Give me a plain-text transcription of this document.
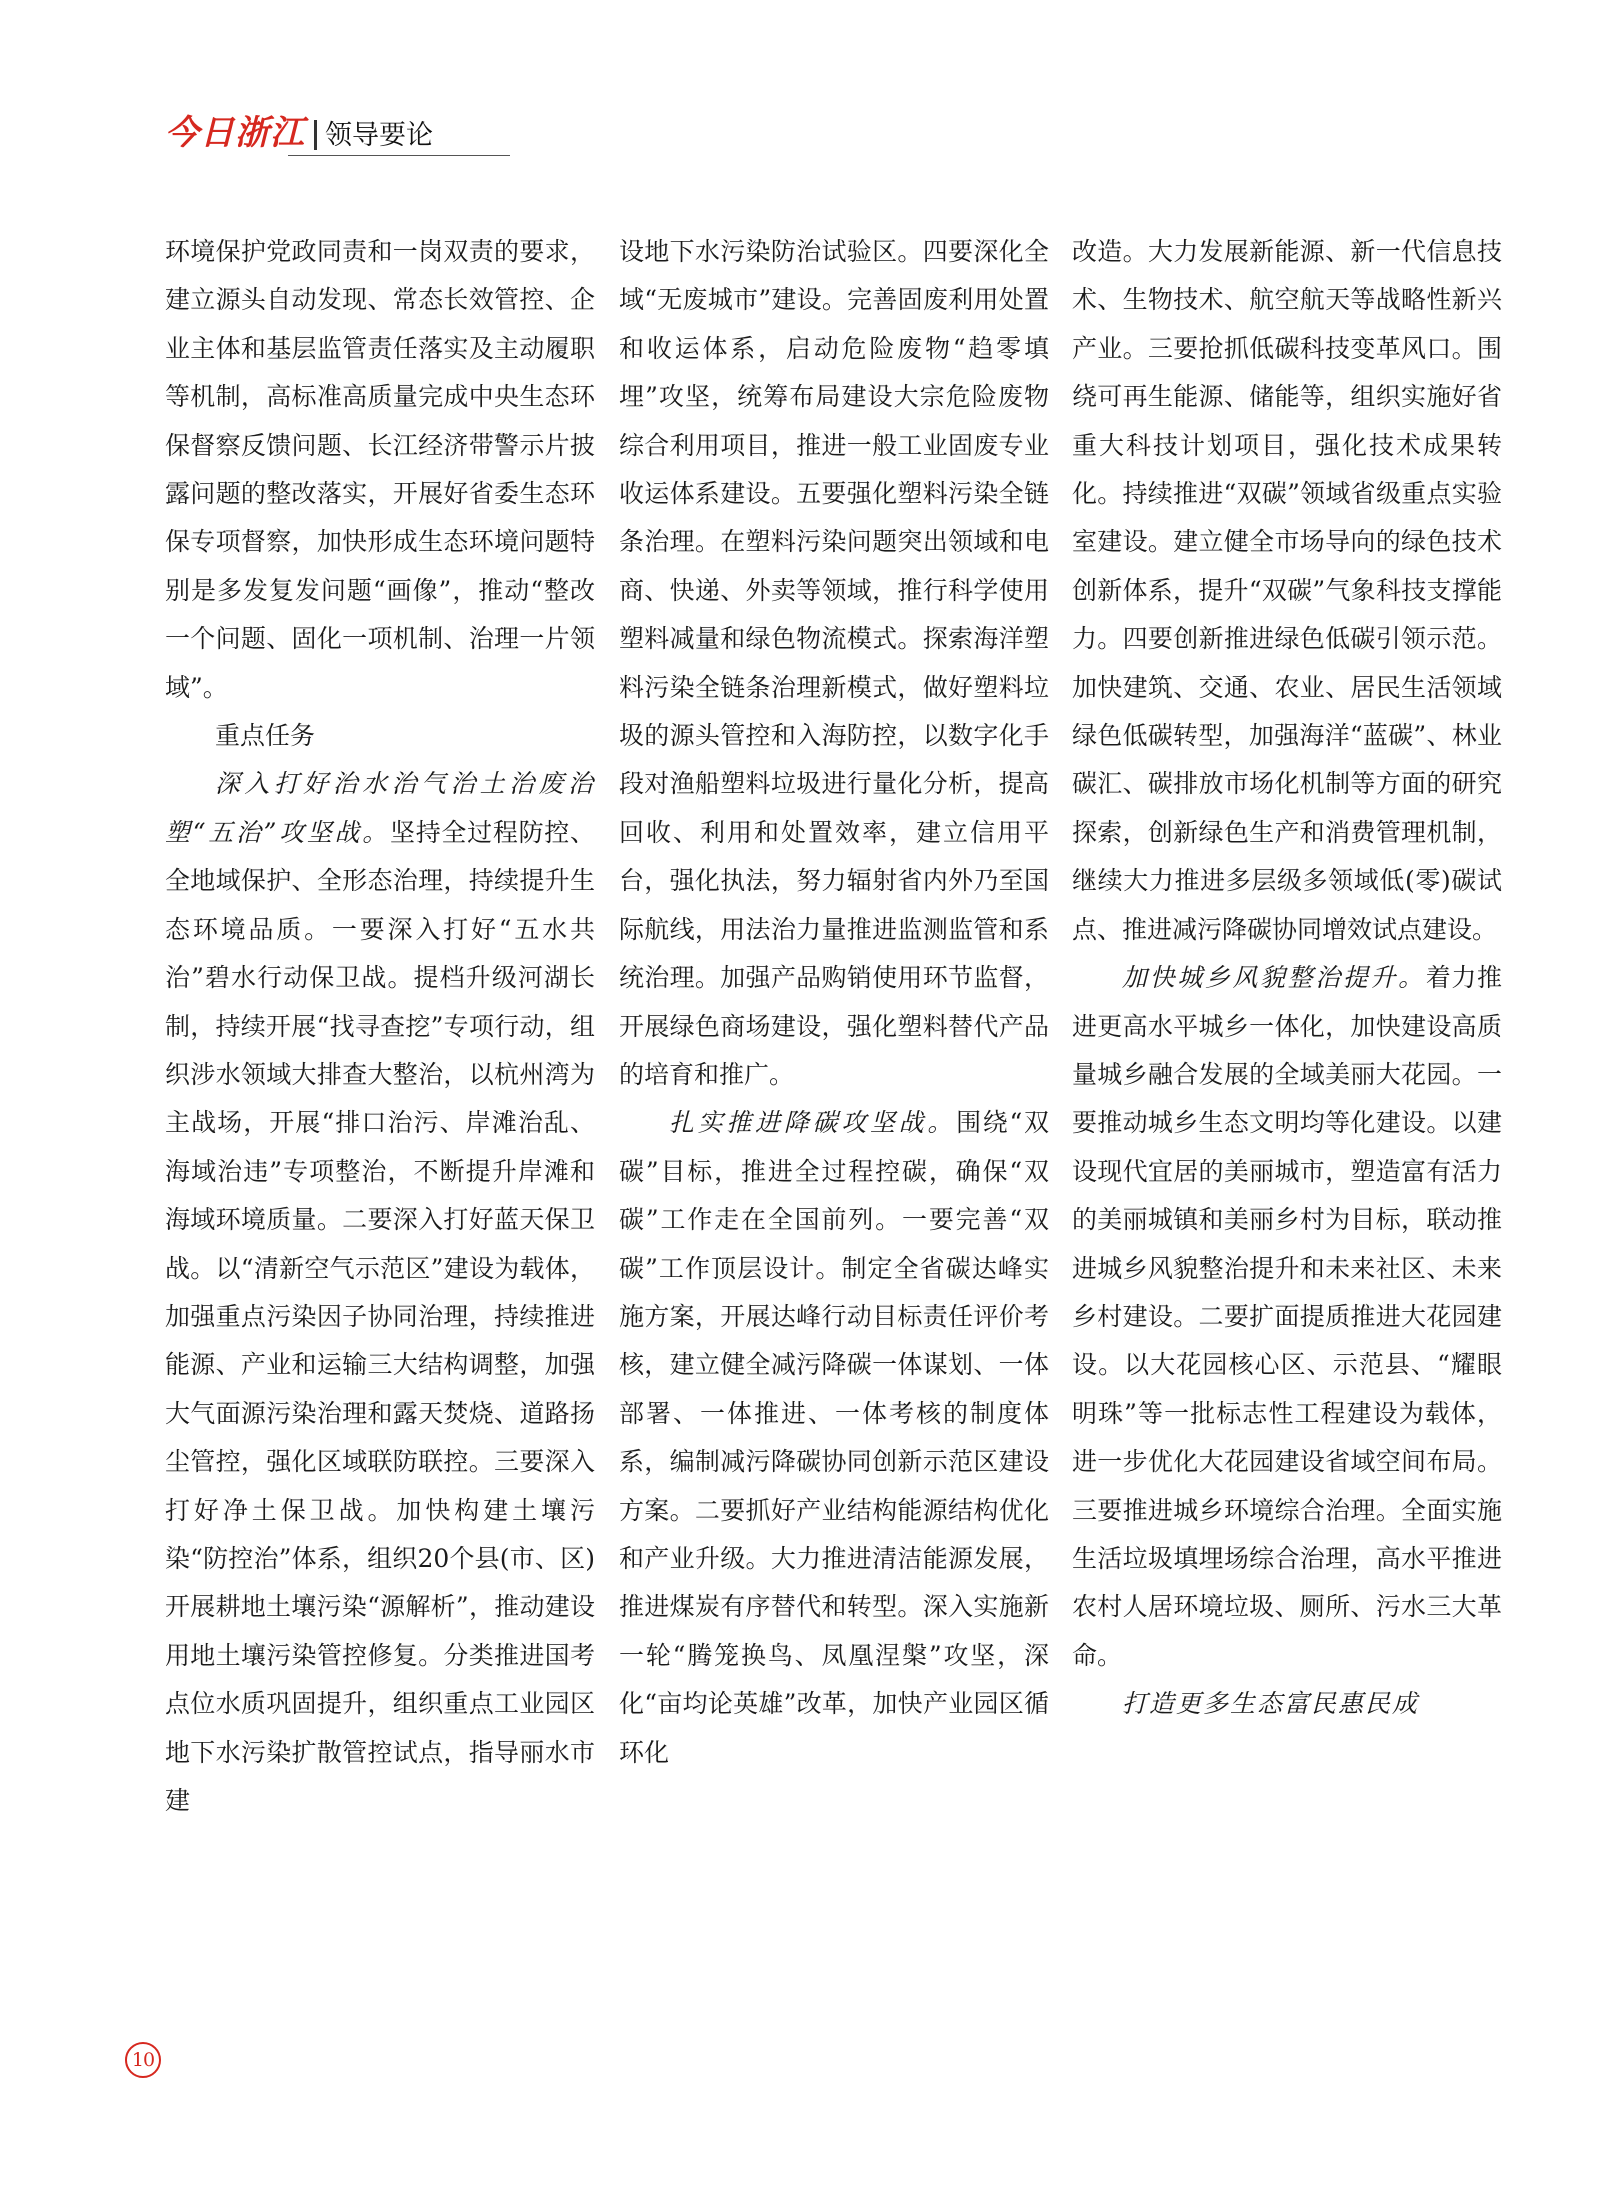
今日浙江 领导要论

环境保护党政同责和一岗双责的要求，建立源头自动发现、常态长效管控、企业主体和基层监管责任落实及主动履职等机制，高标准高质量完成中央生态环保督察反馈问题、长江经济带警示片披露问题的整改落实，开展好省委生态环保专项督察，加快形成生态环境问题特别是多发复发问题“画像”，推动“整改一个问题、固化一项机制、治理一片领域”。

重点任务

深入打好治水治气治土治废治塑“五治”攻坚战。坚持全过程防控、全地域保护、全形态治理，持续提升生态环境品质。一要深入打好“五水共治”碧水行动保卫战。提档升级河湖长制，持续开展“找寻查挖”专项行动，组织涉水领域大排查大整治，以杭州湾为主战场，开展“排口治污、岸滩治乱、海域治违”专项整治，不断提升岸滩和海域环境质量。二要深入打好蓝天保卫战。以“清新空气示范区”建设为载体，加强重点污染因子协同治理，持续推进能源、产业和运输三大结构调整，加强大气面源污染治理和露天焚烧、道路扬尘管控，强化区域联防联控。三要深入打好净土保卫战。加快构建土壤污染“防控治”体系，组织20个县(市、区)开展耕地土壤污染“源解析”，推动建设用地土壤污染管控修复。分类推进国考点位水质巩固提升，组织重点工业园区地下水污染扩散管控试点，指导丽水市建

设地下水污染防治试验区。四要深化全域“无废城市”建设。完善固废利用处置和收运体系，启动危险废物“趋零填埋”攻坚，统筹布局建设大宗危险废物综合利用项目，推进一般工业固废专业收运体系建设。五要强化塑料污染全链条治理。在塑料污染问题突出领域和电商、快递、外卖等领域，推行科学使用塑料减量和绿色物流模式。探索海洋塑料污染全链条治理新模式，做好塑料垃圾的源头管控和入海防控，以数字化手段对渔船塑料垃圾进行量化分析，提高回收、利用和处置效率，建立信用平台，强化执法，努力辐射省内外乃至国际航线，用法治力量推进监测监管和系统治理。加强产品购销使用环节监督，开展绿色商场建设，强化塑料替代产品的培育和推广。

扎实推进降碳攻坚战。围绕“双碳”目标，推进全过程控碳，确保“双碳”工作走在全国前列。一要完善“双碳”工作顶层设计。制定全省碳达峰实施方案，开展达峰行动目标责任评价考核，建立健全减污降碳一体谋划、一体部署、一体推进、一体考核的制度体系，编制减污降碳协同创新示范区建设方案。二要抓好产业结构能源结构优化和产业升级。大力推进清洁能源发展，推进煤炭有序替代和转型。深入实施新一轮“腾笼换鸟、凤凰涅槃”攻坚，深化“亩均论英雄”改革，加快产业园区循环化

改造。大力发展新能源、新一代信息技术、生物技术、航空航天等战略性新兴产业。三要抢抓低碳科技变革风口。围绕可再生能源、储能等，组织实施好省重大科技计划项目，强化技术成果转化。持续推进“双碳”领域省级重点实验室建设。建立健全市场导向的绿色技术创新体系，提升“双碳”气象科技支撑能力。四要创新推进绿色低碳引领示范。加快建筑、交通、农业、居民生活领域绿色低碳转型，加强海洋“蓝碳”、林业碳汇、碳排放市场化机制等方面的研究探索，创新绿色生产和消费管理机制，继续大力推进多层级多领域低(零)碳试点、推进减污降碳协同增效试点建设。

加快城乡风貌整治提升。着力推进更高水平城乡一体化，加快建设高质量城乡融合发展的全域美丽大花园。一要推动城乡生态文明均等化建设。以建设现代宜居的美丽城市，塑造富有活力的美丽城镇和美丽乡村为目标，联动推进城乡风貌整治提升和未来社区、未来乡村建设。二要扩面提质推进大花园建设。以大花园核心区、示范县、“耀眼明珠”等一批标志性工程建设为载体，进一步优化大花园建设省域空间布局。三要推进城乡环境综合治理。全面实施生活垃圾填埋场综合治理，高水平推进农村人居环境垃圾、厕所、污水三大革命。

打造更多生态富民惠民成

10
